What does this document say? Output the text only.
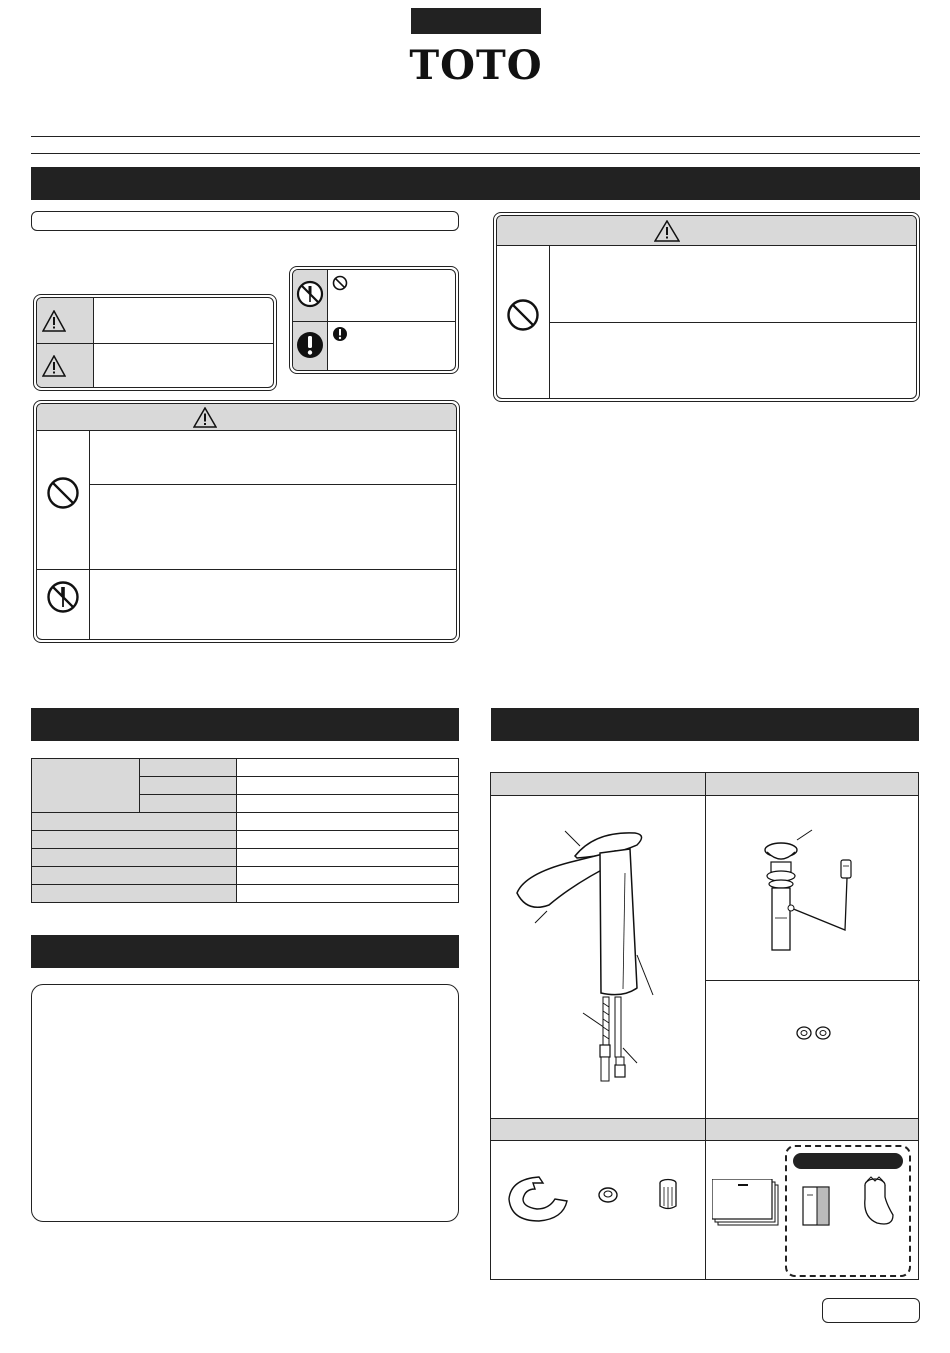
TOTO
